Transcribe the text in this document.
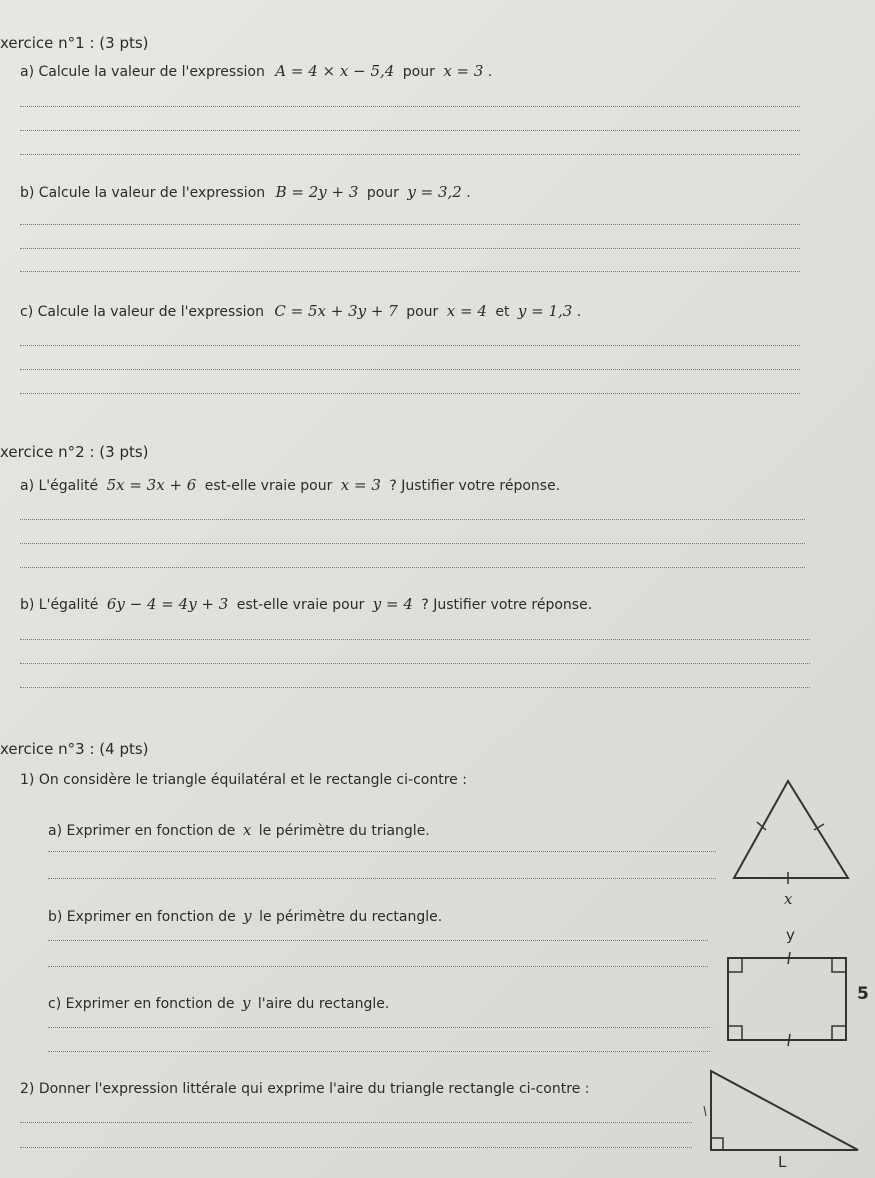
xercice n°1 : (3 pts)
a) Calcule la valeur de l'expression A = 4 × x − 5,4 pour x = 3 .
b) Calcule la valeur de l'expression B = 2y + 3 pour y = 3,2 .
c) Calcule la valeur de l'expression C = 5x + 3y + 7 pour x = 4 et y = 1,3 .
xercice n°2 : (3 pts)
a) L'égalité 5x = 3x + 6 est-elle vraie pour x = 3 ? Justifier votre réponse.
b) L'égalité 6y − 4 = 4y + 3 est-elle vraie pour y = 4 ? Justifier votre réponse.
xercice n°3 : (4 pts)
1) On considère le triangle équilatéral et le rectangle ci-contre :
a) Exprimer en fonction de x le périmètre du triangle.
b) Exprimer en fonction de y le périmètre du rectangle.
c) Exprimer en fonction de y l'aire du rectangle.
2) Donner l'expression littérale qui exprime l'aire du triangle rectangle ci-contre :
x
y
5
L
